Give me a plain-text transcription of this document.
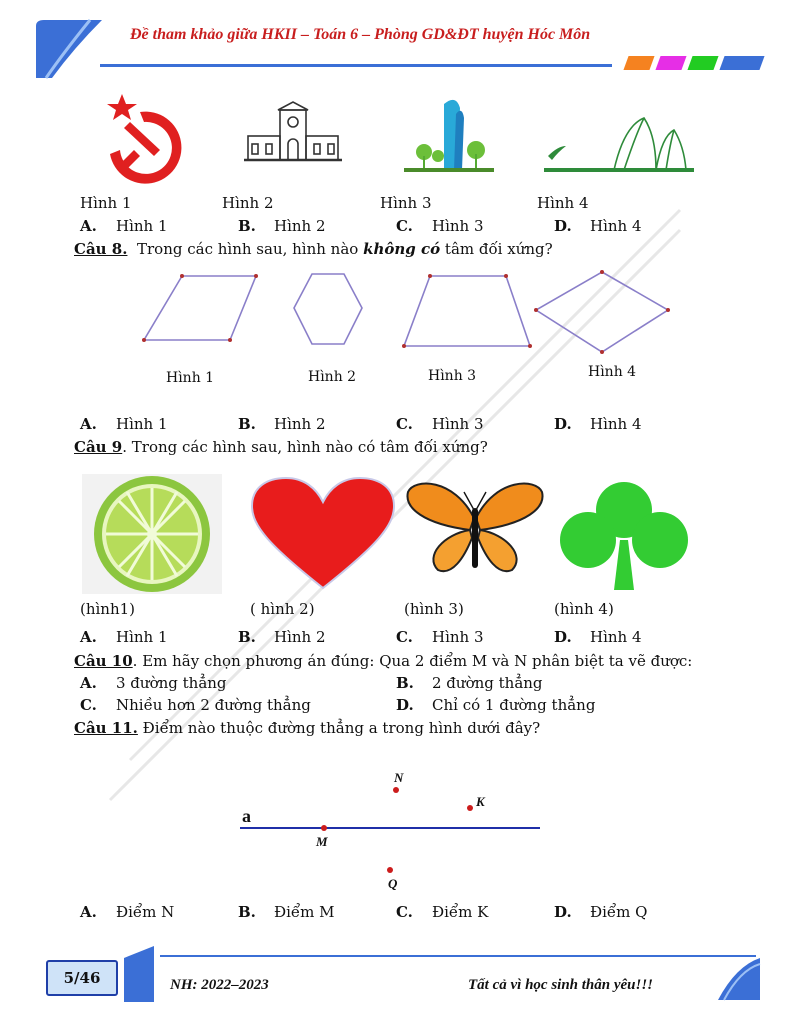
Đề tham khảo giữa HKII – Toán 6 – Phòng GD&ĐT huyện Hóc Môn
Hình 1	Hình 2	Hình 3	Hình 4
A. Hình 1	B. Hình 2	C. Hình 3	D. Hình 4
Câu 8. Trong các hình sau, hình nào không có tâm đối xứng?
Hình 1	Hình 2	Hình 3	Hình 4
A. Hình 1	B. Hình 2	C. Hình 3	D. Hình 4
Câu 9. Trong các hình sau, hình nào có tâm đối xứng?
(hình1)	( hình 2)	(hình 3)	(hình 4)
A. Hình 1	B. Hình 2	C. Hình 3	D. Hình 4
Câu 10. Em hãy chọn phương án đúng: Qua 2 điểm M và N phân biệt ta vẽ được:
A. 3 đường thẳng	B. 2 đường thẳng
C. Nhiều hơn 2 đường thẳng	D. Chỉ có 1 đường thẳng
Câu 11. Điểm nào thuộc đường thẳng a trong hình dưới đây?
a
N
K
M
Q
A. Điểm N	B. Điểm M	C. Điểm K	D. Điểm Q
5/46	NH: 2022–2023	Tất cả vì học sinh thân yêu!!!
